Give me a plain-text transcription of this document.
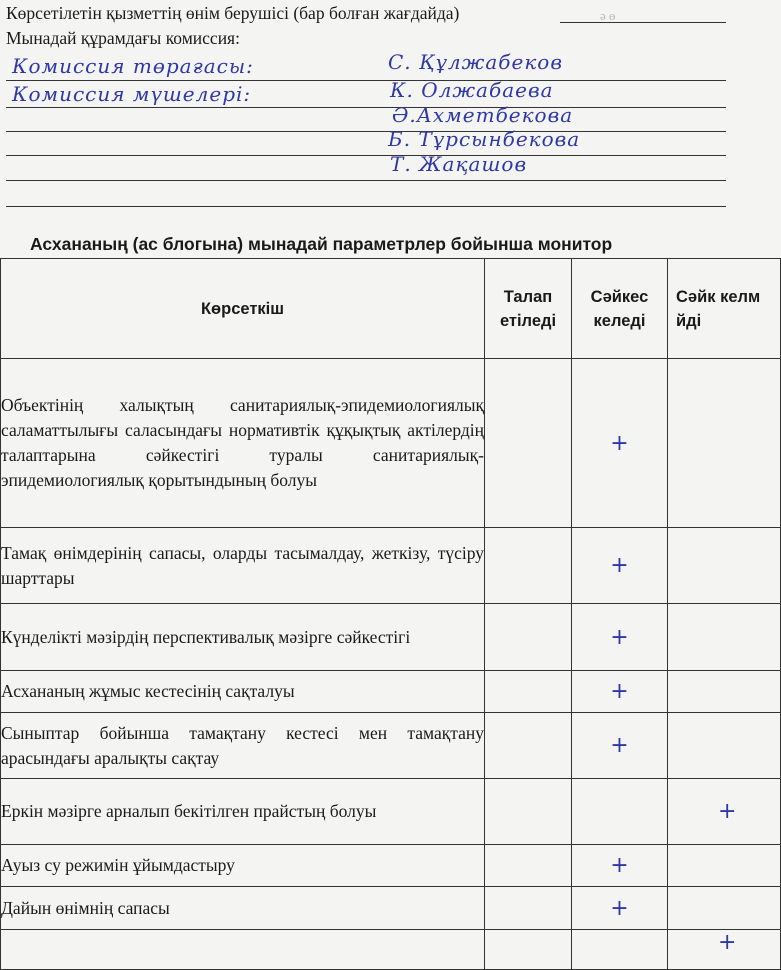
ә ө
⠀
Көрсетілетін қызметтің өнім берушісі (бар болған жағдайда)
Мынадай құрамдағы комиссия:
Комиссия төрағасы:	С. Құлжабеков
Комиссия мүшелері:	К. Олжабаева
Ә.Ахметбекова
Б. Тұрсынбекова
Т. Жақашов
Асхананың (ас блогына) мынадай параметрлер бойынша монитор
Көрсеткіш	Талап етіледі	Сәйкес келеді	Сәйк келм йді
Объектінің халықтың санитариялық-эпидемиологиялық саламаттылығы саласындағы нормативтік құқықтық актілердің талаптарына сәйкестігі туралы санитариялық-эпидемиологиялық қорытындының болуы		+	
Тамақ өнімдерінің сапасы, оларды тасымалдау, жеткізу, түсіру шарттары		+	
Күнделікті мәзірдің перспективалық мәзірге сәйкестігі		+	
Асхананың жұмыс кестесінің сақталуы		+	
Сыныптар бойынша тамақтану кестесі мен тамақтану арасындағы аралықты сақтау		+	
Еркін мәзірге арналып бекітілген прайстың болуы			+
Ауыз су режимін ұйымдастыру		+	
Дайын өнімнің сапасы		+	
			+
